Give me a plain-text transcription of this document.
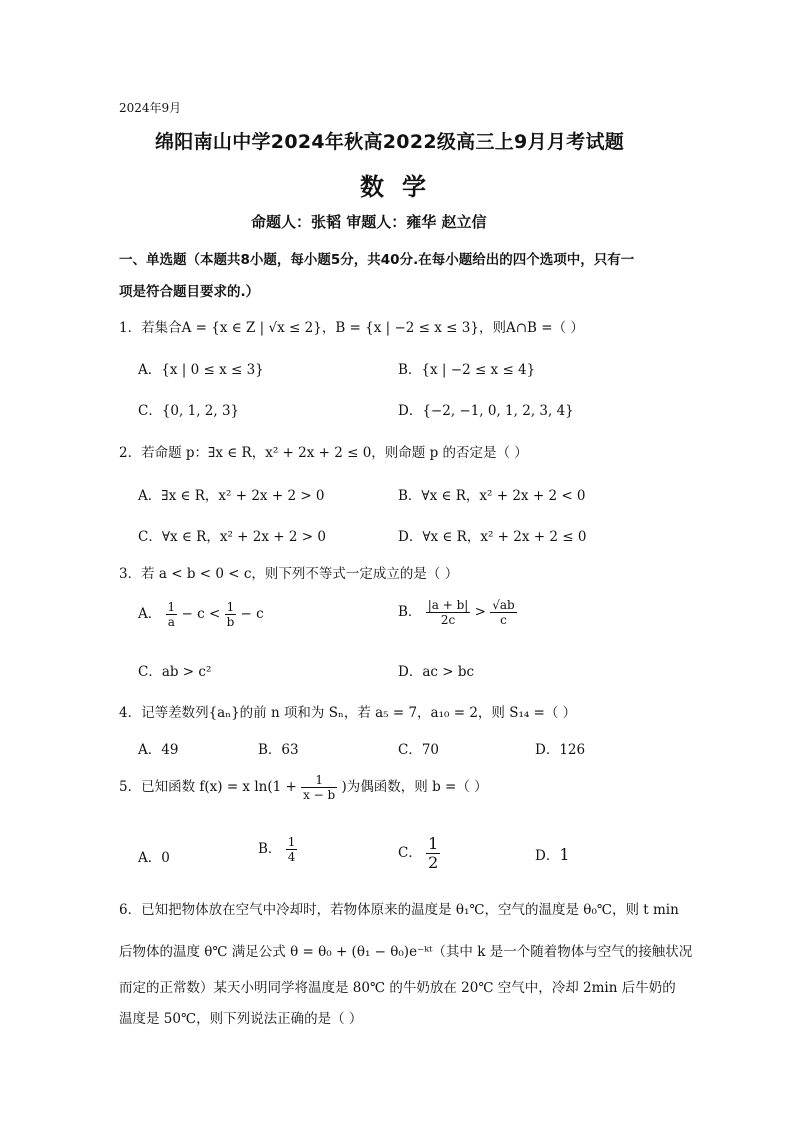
2024年9月
绵阳南山中学2024年秋高2022级高三上9月月考试题
数学
命题人：张韬 审题人：雍华 赵立信
一、单选题（本题共8小题，每小题5分，共40分.在每小题给出的四个选项中，只有一
项是符合题目要求的.）
1．若集合A = {x ∈ Z | √x ≤ 2}，B = {x | −2 ≤ x ≤ 3}，则A∩B =（ ）
A．{x | 0 ≤ x ≤ 3}	B．{x | −2 ≤ x ≤ 4}
C．{0, 1, 2, 3}	D．{−2, −1, 0, 1, 2, 3, 4}
2．若命题 p：∃x ∈ R，x² + 2x + 2 ≤ 0，则命题 p 的否定是（ ）
A．∃x ∈ R，x² + 2x + 2 > 0	B．∀x ∈ R，x² + 2x + 2 < 0
C．∀x ∈ R，x² + 2x + 2 > 0	D．∀x ∈ R，x² + 2x + 2 ≤ 0
3．若 a < b < 0 < c，则下列不等式一定成立的是（ ）
A． $\frac{1}{a} - c < \frac{1}{b} - c$	B． $\frac{|a + b|}{2c} > \frac{√ab}{c}$
C．ab > c²	D．ac > bc
4．记等差数列{aₙ}的前 n 项和为 Sₙ，若 a₅ = 7，a₁₀ = 2，则 S₁₄ =（ ）
A．49	B．63	C．70	D．126
5．已知函数 f(x) = x $\ln(1 + \frac{1}{x - b}$ )为偶函数，则 b =（ ）
A．0
B． $\frac{1}{4}$	C． $\frac{1}{2}$	D．1
6．已知把物体放在空气中冷却时，若物体原来的温度是 θ₁℃，空气的温度是 θ₀℃，则 t min
后物体的温度 θ℃ 满足公式 θ = θ₀ + (θ₁ − θ₀)e⁻ᵏᵗ（其中 k 是一个随着物体与空气的接触状况
而定的正常数）某天小明同学将温度是 80℃ 的牛奶放在 20℃ 空气中，冷却 2min 后牛奶的
温度是 50℃，则下列说法正确的是（ ）
